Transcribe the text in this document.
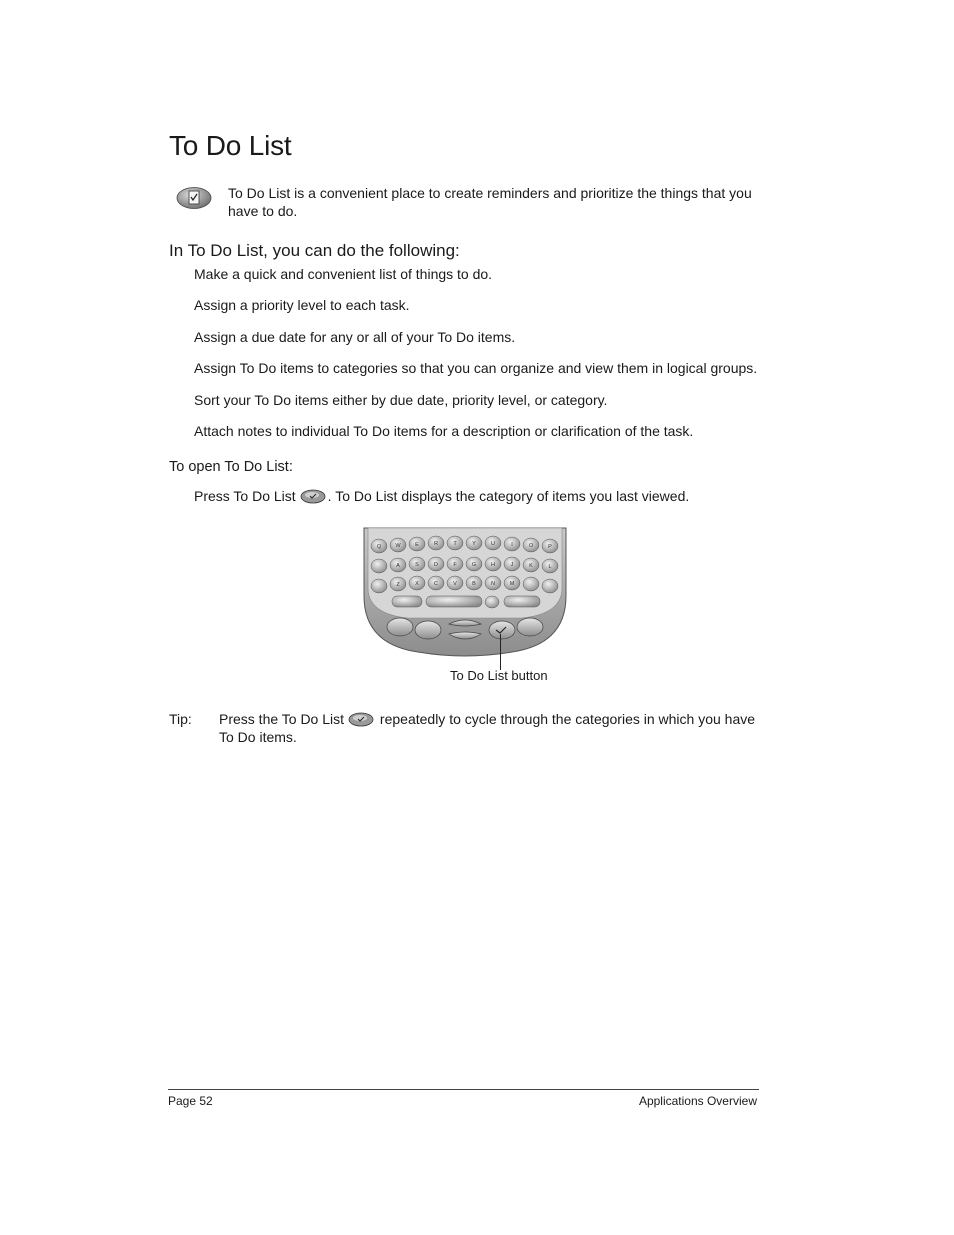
To Do List
To Do List is a convenient place to create reminders and prioritize the things that you have to do.
In To Do List, you can do the following:
Make a quick and convenient list of things to do.
Assign a priority level to each task.
Assign a due date for any or all of your To Do items.
Assign To Do items to categories so that you can organize and view them in logical groups.
Sort your To Do items either by due date, priority level, or category.
Attach notes to individual To Do items for a description or clarification of the task.
To open To Do List:
Press To Do List . To Do List displays the category of items you last viewed.
Q	W	E	R	T	Y	U	I	O	P
A	S	D	F	G	H	J	K	L
Z	X	C	V	B	N	M
To Do List button
Tip: Press the To Do List repeatedly to cycle through the categories in which you have To Do items.
Page 52	Applications Overview
